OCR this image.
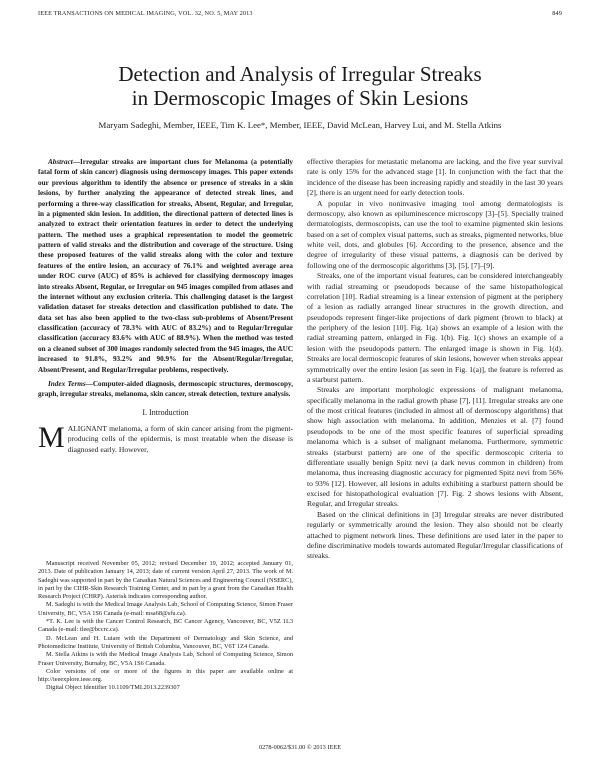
IEEE TRANSACTIONS ON MEDICAL IMAGING, VOL. 32, NO. 5, MAY 2013	849
Detection and Analysis of Irregular Streaks
in Dermoscopic Images of Skin Lesions
Maryam Sadeghi, Member, IEEE, Tim K. Lee*, Member, IEEE, David McLean, Harvey Lui, and M. Stella Atkins

Abstract—Irregular streaks are important clues for Melanoma (a potentially fatal form of skin cancer) diagnosis using dermoscopy images. This paper extends our previous algorithm to identify the absence or presence of streaks in a skin lesions, by further analyzing the appearance of detected streak lines, and performing a three-way classification for streaks, Absent, Regular, and Irregular, in a pigmented skin lesion. In addition, the directional pattern of detected lines is analyzed to extract their orientation features in order to detect the underlying pattern. The method uses a graphical representation to model the geometric pattern of valid streaks and the distribution and coverage of the structure. Using these proposed features of the valid streaks along with the color and texture features of the entire lesion, an accuracy of 76.1% and weighted average area under ROC curve (AUC) of 85% is achieved for classifying dermoscopy images into streaks Absent, Regular, or Irregular on 945 images compiled from atlases and the internet without any exclusion criteria. This challenging dataset is the largest validation dataset for streaks detection and classification published to date. The data set has also been applied to the two-class sub-problems of Absent/Present classification (accuracy of 78.3% with AUC of 83.2%) and to Regular/Irregular classification (accuracy 83.6% with AUC of 88.9%). When the method was tested on a cleaned subset of 300 images randomly selected from the 945 images, the AUC increased to 91.8%, 93.2% and 90.9% for the Absent/Regular/Irregular, Absent/Present, and Regular/Irregular problems, respectively.

Index Terms—Computer-aided diagnosis, dermoscopic structures, dermoscopy, graph, irregular streaks, melanoma, skin cancer, streak detection, texture analysis.

I. Introduction

MALIGNANT melanoma, a form of skin cancer arising from the pigment-producing cells of the epidermis, is most treatable when the disease is diagnosed early. However,

Manuscript received November 05, 2012; revised December 19, 2012; accepted January 01, 2013. Date of publication January 14, 2013; date of current version April 27, 2013. The work of M. Sadeghi was supported in part by the Canadian Natural Sciences and Engineering Council (NSERC), in part by the CIHR-Skin Research Training Center, and in part by a grant from the Canadian Health Research Project (CHRP). Asterisk indicates corresponding author.

M. Sadeghi is with the Medical Image Analysis Lab, School of Computing Science, Simon Fraser University, BC, V5A 1S6 Canada (e-mail: msa68@sfu.ca).

*T. K. Lee is with the Cancer Control Research, BC Cancer Agency, Vancouver, BC, V5Z 1L3 Canada (e-mail: tlee@bccrc.ca).

D. McLean and H. Luiare with the Department of Dermatology and Skin Science, and Photomedicine Institute, University of British Columbia, Vancouver, BC, V6T 1Z4 Canada.

M. Stella Atkins is with the Medical Image Analysis Lab, School of Computing Science, Simon Fraser University, Burnaby, BC, V5A 1S6 Canada.

Color versions of one or more of the figures in this paper are available online at http://ieeexplore.ieee.org.

Digital Object Identifier 10.1109/TMI.2013.2239307

effective therapies for metastatic melanoma are lacking, and the five year survival rate is only 15% for the advanced stage [1]. In conjunction with the fact that the incidence of the disease has been increasing rapidly and steadily in the last 30 years [2], there is an urgent need for early detection tools.

A popular in vivo noninvasive imaging tool among dermatologists is dermoscopy, also known as epiluminescence microscopy [3]–[5]. Specially trained dermatologists, dermoscopists, can use the tool to examine pigmented skin lesions based on a set of complex visual patterns, such as streaks, pigmented networks, blue white veil, dots, and globules [6]. According to the presence, absence and the degree of irregularity of these visual patterns, a diagnosis can be derived by following one of the dermoscopic algorithms [3], [5], [7]–[9].

Streaks, one of the important visual features, can be considered interchangeably with radial streaming or pseudopods because of the same histopathological correlation [10]. Radial streaming is a linear extension of pigment at the periphery of a lesion as radially arranged linear structures in the growth direction, and pseudopods represent finger-like projections of dark pigment (brown to black) at the periphery of the lesion [10]. Fig. 1(a) shows an example of a lesion with the radial streaming pattern, enlarged in Fig. 1(b). Fig. 1(c) shows an example of a lesion with the pseudopods pattern. The enlarged image is shown in Fig. 1(d). Streaks are local dermoscopic features of skin lesions, however when streaks appear symmetrically over the entire lesion [as seen in Fig. 1(a)], the feature is referred as a starburst pattern.

Streaks are important morphologic expressions of malignant melanoma, specifically melanoma in the radial growth phase [7], [11]. Irregular streaks are one of the most critical features (included in almost all of dermoscopy algorithms) that show high association with melanoma. In addition, Menzies et al. [7] found pseudopods to be one of the most specific features of superficial spreading melanoma which is a subset of malignant melanoma. Furthermore, symmetric streaks (starburst pattern) are one of the specific dermoscopic criteria to differentiate usually benign Spitz nevi (a dark nevus common in children) from melanoma, thus increasing diagnostic accuracy for pigmented Spitz nevi from 56% to 93% [12]. However, all lesions in adults exhibiting a starburst pattern should be excised for histopathological evaluation [7]. Fig. 2 shows lesions with Absent, Regular, and Irregular streaks.

Based on the clinical definitions in [3] Irregular streaks are never distributed regularly or symmetrically around the lesion. They also should not be clearly attached to pigment network lines. These definitions are used later in the paper to define discriminative models towards automated Regular/Irregular classifications of streaks.

0278-0062/$31.00 © 2013 IEEE
